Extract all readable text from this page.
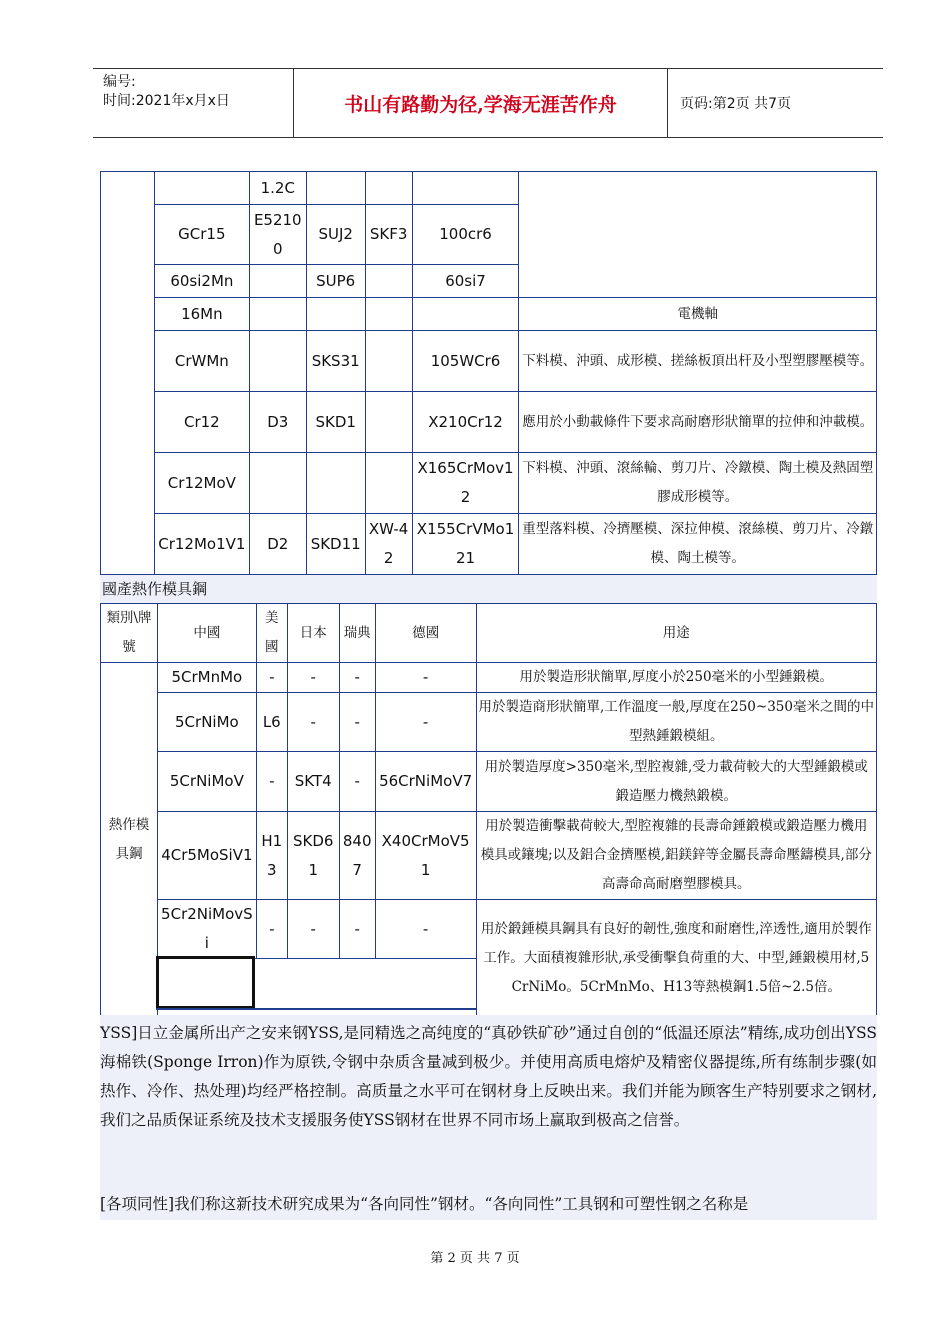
编号:
时间:2021年x月x日	书山有路勤为径,学海无涯苦作舟	页码:第2页 共7页
		1.2C				
	GCr15	E52100	SUJ2	SKF3	100cr6	
	60si2Mn		SUP6		60si7	
	16Mn					電機軸
	CrWMn		SKS31		105WCr6	下料模、沖頭、成形模、搓絲板頂出杆及小型塑膠壓模等。
	Cr12	D3	SKD1		X210Cr12	應用於小動載條件下要求高耐磨形狀簡單的拉伸和沖載模。
	Cr12MoV				X165CrMov12	下料模、沖頭、滾絲輪、剪刀片、冷鐓模、陶土模及熱固塑膠成形模等。
	Cr12Mo1V1	D2	SKD11	XW-42	X155CrVMo121	重型落料模、冷擠壓模、深拉伸模、滾絲模、剪刀片、冷鐓模、陶土模等。
國產熱作模具鋼
類別\牌號	中國	美國	日本	瑞典	德國	用途
熱作模具鋼	5CrMnMo	-	-	-	-	用於製造形狀簡單,厚度小於250毫米的小型錘鍛模。
	5CrNiMo	L6	-	-	-	用於製造商形狀簡單,工作溫度一般,厚度在250~350毫米之間的中型熱錘鍛模組。
	5CrNiMoV	-	SKT4	-	56CrNiMoV7	用於製造厚度>350毫米,型腔複雜,受力載荷較大的大型錘鍛模或鍛造壓力機熱鍛模。
	4Cr5MoSiV1	H13	SKD61	8407	X40CrMoV51	用於製造衝擊載荷較大,型腔複雜的長壽命錘鍛模或鍛造壓力機用模具或鑲塊;以及鋁合金擠壓模,鋁鎂鋅等金屬長壽命壓鑄模具,部分高壽命高耐磨塑膠模具。
	5Cr2NiMovSi	-	-	-	-	用於鍛錘模具鋼具有良好的韌性,強度和耐磨性,淬透性,適用於製作工作。大面積複雜形狀,承受衝擊負荷重的大、中型,錘鍛模用材,5CrNiMo。5CrMnMo、H13等熱模鋼1.5倍~2.5倍。

YSS]日立金属所出产之安来钢YSS,是同精选之高纯度的“真砂铁矿砂”通过自创的“低温还原法”精练,成功创出YSS海棉铁(Sponge Irron)作为原铁,令钢中杂质含量减到极少。并使用高质电熔炉及精密仪器提练,所有练制步骤(如热作、冷作、热处理)均经严格控制。高质量之水平可在钢材身上反映出来。我们并能为顾客生产特别要求之钢材,我们之品质保证系统及技术支援服务使YSS钢材在世界不同市场上赢取到极高之信誉。
[各项同性]我们称这新技术研究成果为“各向同性”钢材。“各向同性”工具钢和可塑性钢之名称是
第 2 页 共 7 页
